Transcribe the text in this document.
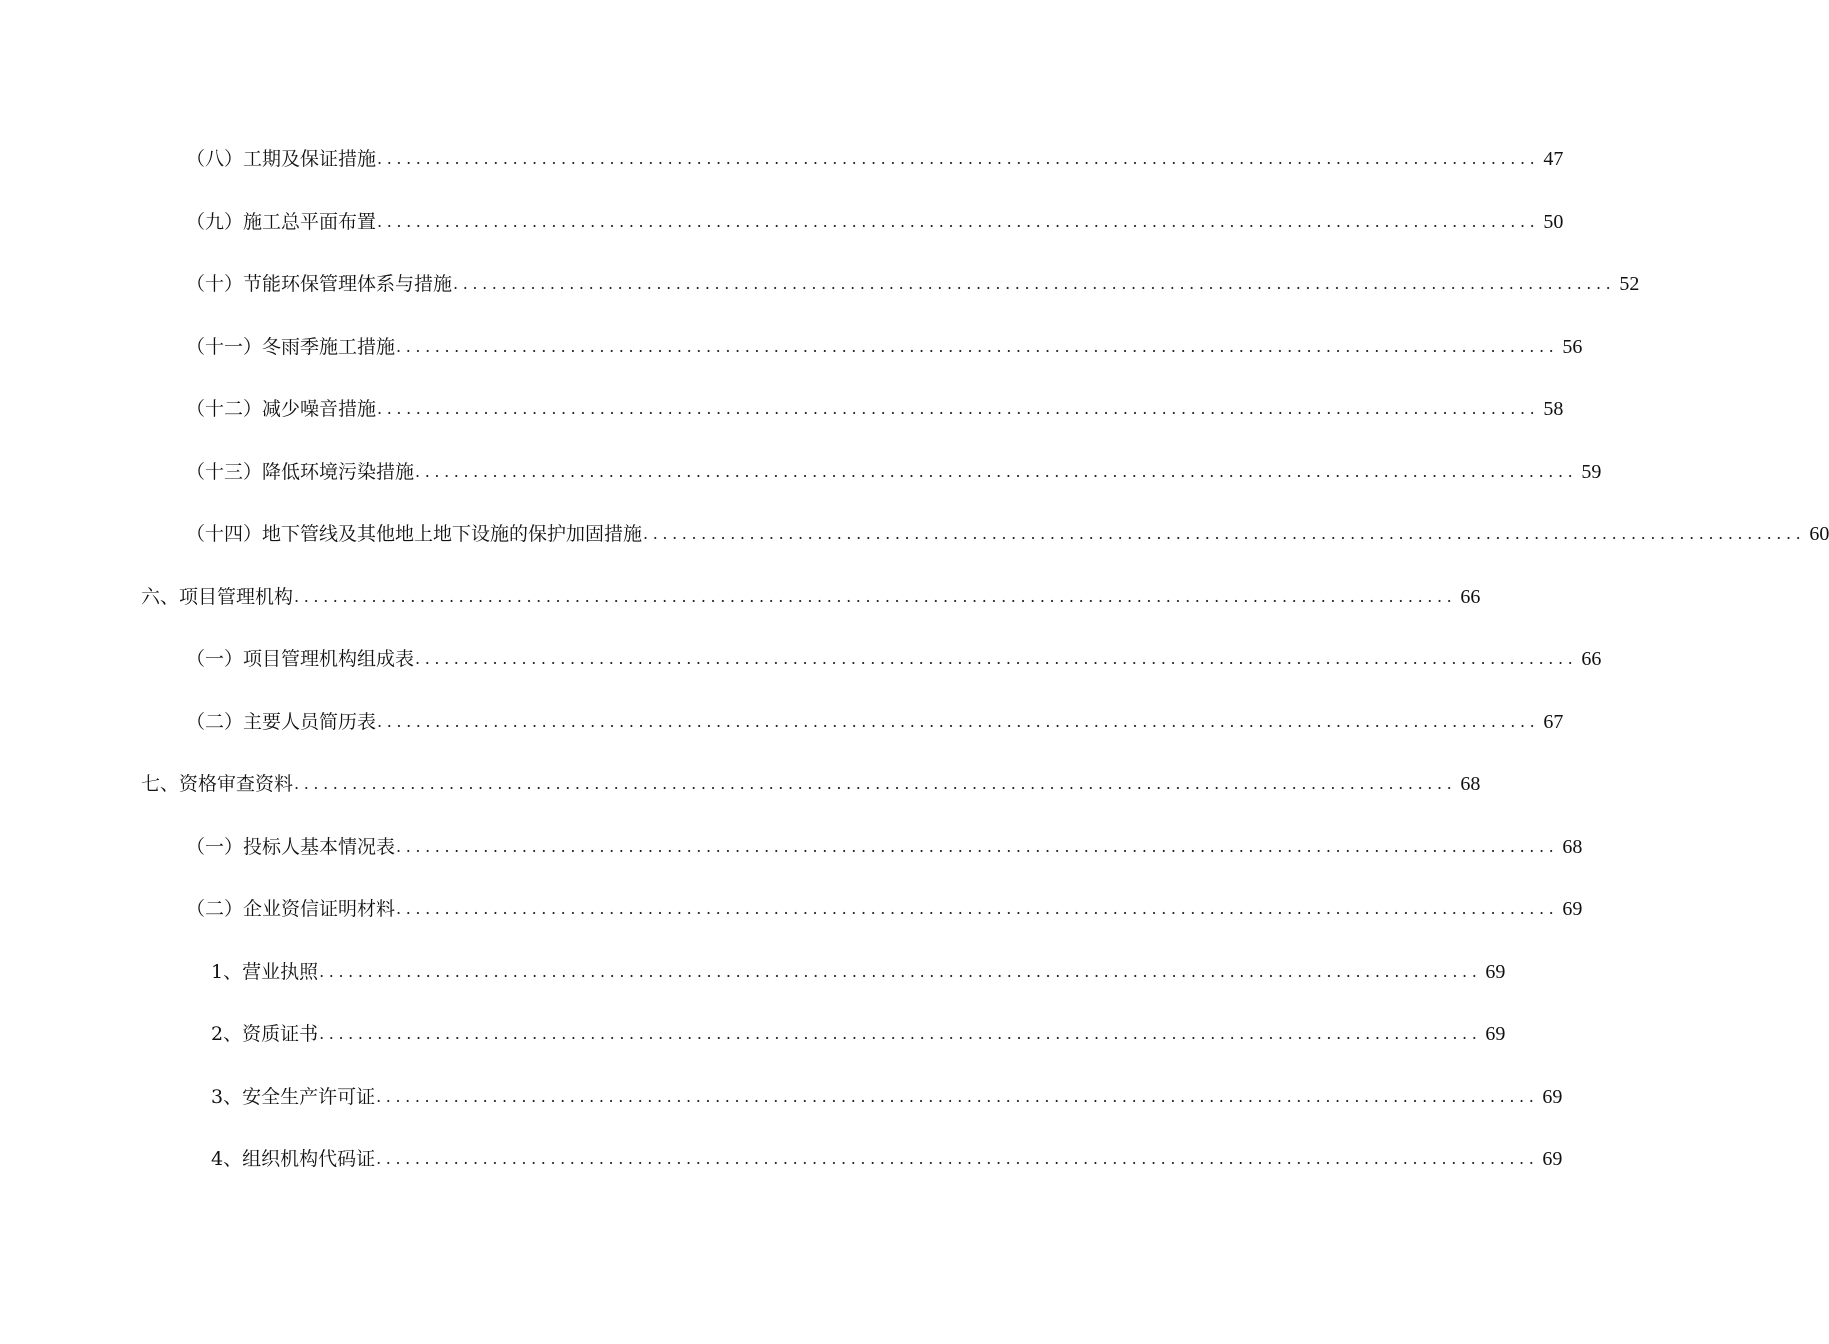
（八）工期及保证措施 ........................................................................................................................ 47
（九）施工总平面布置 ........................................................................................................................ 50
（十）节能环保管理体系与措施 ........................................................................................................................ 52
（十一）冬雨季施工措施 ........................................................................................................................ 56
（十二）减少噪音措施 ........................................................................................................................ 58
（十三）降低环境污染措施 ........................................................................................................................ 59
（十四）地下管线及其他地上地下设施的保护加固措施 ........................................................................................................................ 60
六、项目管理机构 ........................................................................................................................ 66
（一）项目管理机构组成表 ........................................................................................................................ 66
（二）主要人员简历表 ........................................................................................................................ 67
七、资格审查资料 ........................................................................................................................ 68
（一）投标人基本情况表 ........................................................................................................................ 68
（二）企业资信证明材料 ........................................................................................................................ 69
1、营业执照 ........................................................................................................................ 69
2、资质证书 ........................................................................................................................ 69
3、安全生产许可证 ........................................................................................................................ 69
4、组织机构代码证 ........................................................................................................................ 69
